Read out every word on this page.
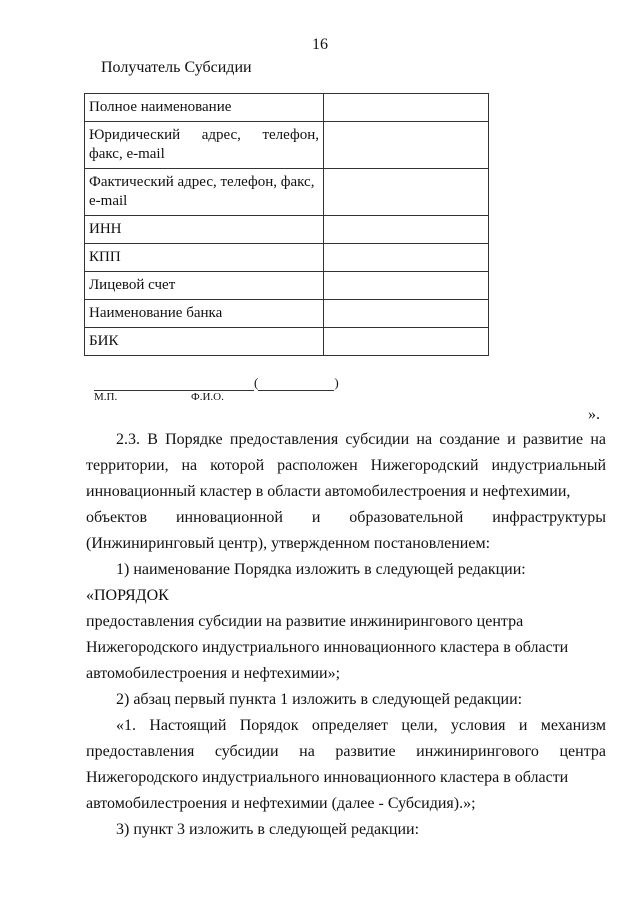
16
Получатель Субсидии
Полное наименование	
Юридический адрес, телефон, факс, e-mail	
Фактический адрес, телефон, факс, e-mail	
ИНН	
КПП	
Лицевой счет	
Наименование банка	
БИК	
(	)
М.П.	Ф.И.О.
».

2.3. В Порядке предоставления субсидии на создание и развитие на территории, на которой расположен Нижегородский индустриальный инновационный кластер в области автомобилестроения и нефтехимии,

объектов инновационной и образовательной инфраструктуры

(Инжиниринговый центр), утвержденном постановлением:

1) наименование Порядка изложить в следующей редакции:

«ПОРЯДОК

предоставления субсидии на развитие инжинирингового центра

Нижегородского индустриального инновационного кластера в области

автомобилестроения и нефтехимии»;

2) абзац первый пункта 1 изложить в следующей редакции:

«1. Настоящий Порядок определяет цели, условия и механизм предоставления субсидии на развитие инжинирингового центра Нижегородского индустриального инновационного кластера в области

автомобилестроения и нефтехимии (далее - Субсидия).»;

3) пункт 3 изложить в следующей редакции:
